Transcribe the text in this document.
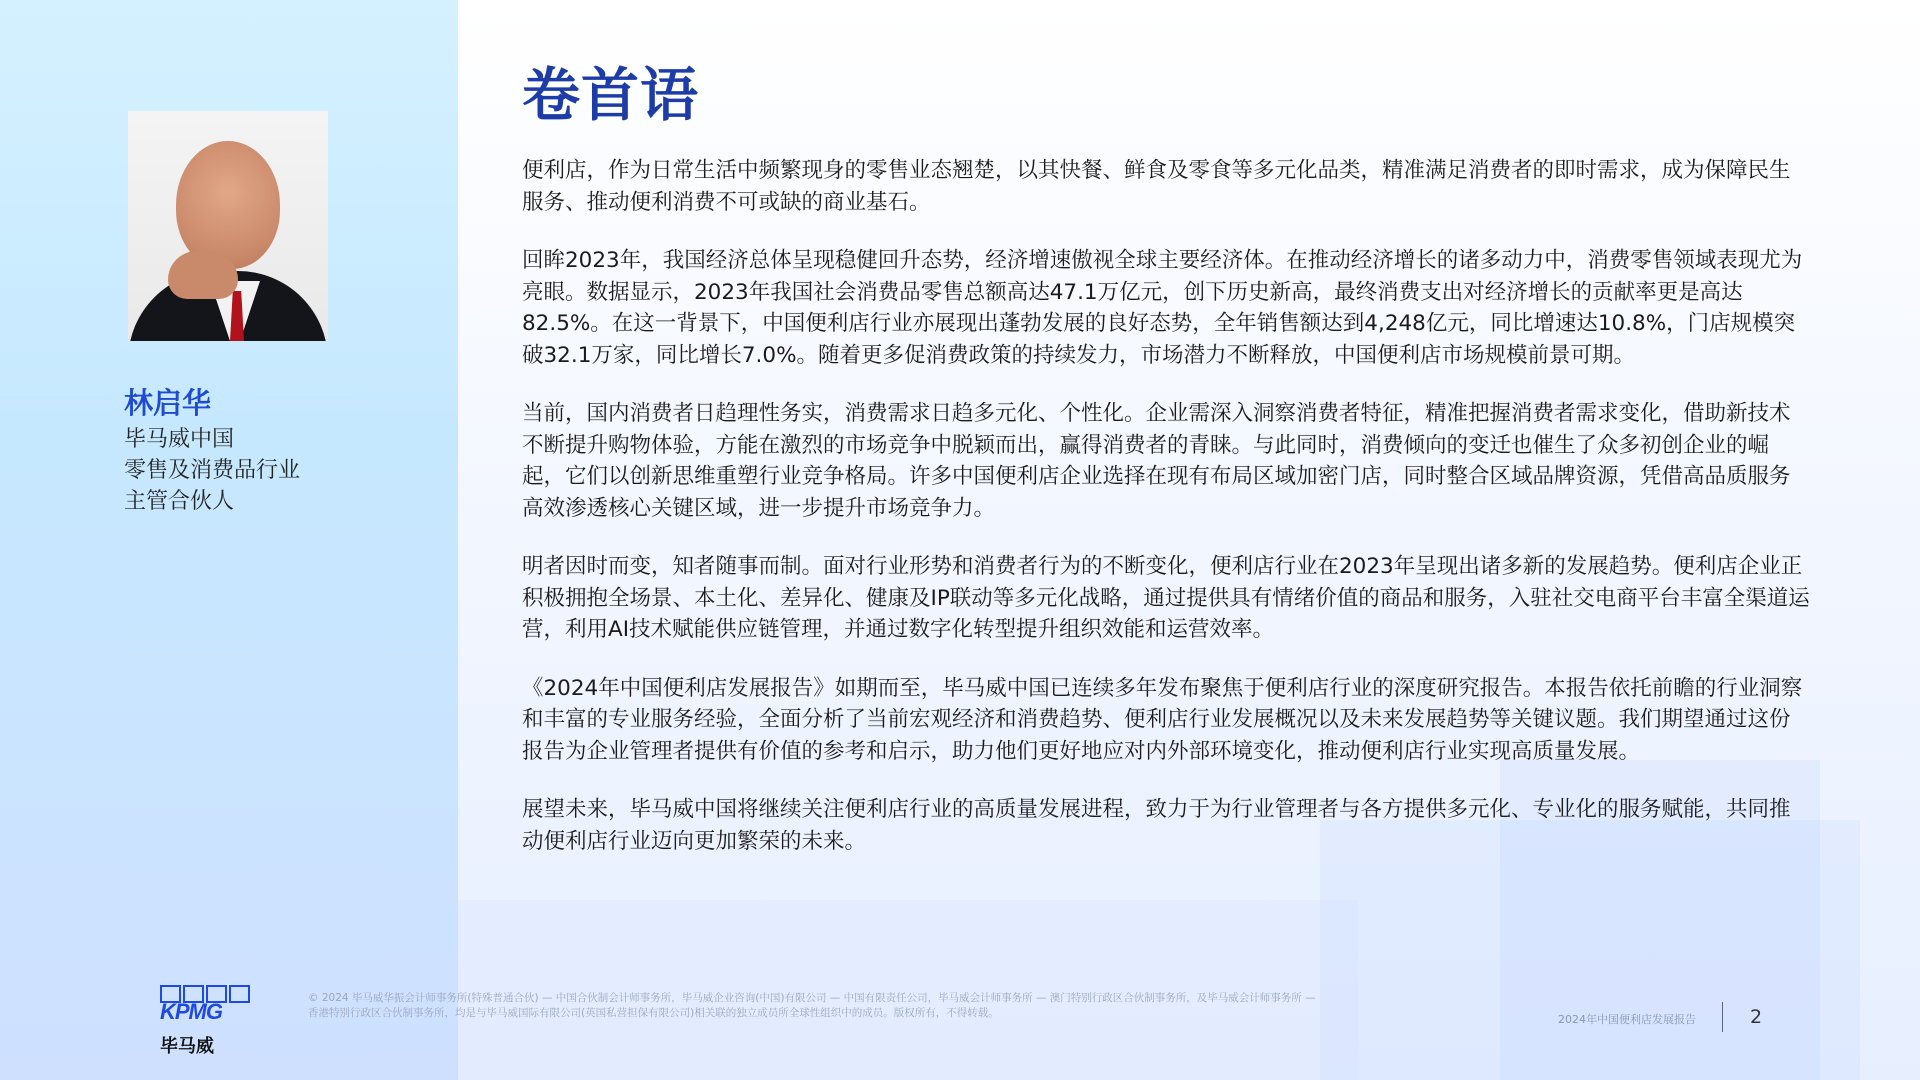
林启华
毕马威中国
零售及消费品行业
主管合伙人
卷首语

便利店，作为日常生活中频繁现身的零售业态翘楚，以其快餐、鲜食及零食等多元化品类，精准满足消费者的即时需求，成为保障民生服务、推动便利消费不可或缺的商业基石。

回眸2023年，我国经济总体呈现稳健回升态势，经济增速傲视全球主要经济体。在推动经济增长的诸多动力中，消费零售领域表现尤为亮眼。数据显示，2023年我国社会消费品零售总额高达47.1万亿元，创下历史新高，最终消费支出对经济增长的贡献率更是高达82.5%。在这一背景下，中国便利店行业亦展现出蓬勃发展的良好态势，全年销售额达到4,248亿元，同比增速达10.8%，门店规模突破32.1万家，同比增长7.0%。随着更多促消费政策的持续发力，市场潜力不断释放，中国便利店市场规模前景可期。

当前，国内消费者日趋理性务实，消费需求日趋多元化、个性化。企业需深入洞察消费者特征，精准把握消费者需求变化，借助新技术不断提升购物体验，方能在激烈的市场竞争中脱颖而出，赢得消费者的青睐。与此同时，消费倾向的变迁也催生了众多初创企业的崛起，它们以创新思维重塑行业竞争格局。许多中国便利店企业选择在现有布局区域加密门店，同时整合区域品牌资源，凭借高品质服务高效渗透核心关键区域，进一步提升市场竞争力。

明者因时而变，知者随事而制。面对行业形势和消费者行为的不断变化，便利店行业在2023年呈现出诸多新的发展趋势。便利店企业正积极拥抱全场景、本土化、差异化、健康及IP联动等多元化战略，通过提供具有情绪价值的商品和服务，入驻社交电商平台丰富全渠道运营，利用AI技术赋能供应链管理，并通过数字化转型提升组织效能和运营效率。

《2024年中国便利店发展报告》如期而至，毕马威中国已连续多年发布聚焦于便利店行业的深度研究报告。本报告依托前瞻的行业洞察和丰富的专业服务经验，全面分析了当前宏观经济和消费趋势、便利店行业发展概况以及未来发展趋势等关键议题。我们期望通过这份报告为企业管理者提供有价值的参考和启示，助力他们更好地应对内外部环境变化，推动便利店行业实现高质量发展。

展望未来，毕马威中国将继续关注便利店行业的高质量发展进程，致力于为行业管理者与各方提供多元化、专业化的服务赋能，共同推动便利店行业迈向更加繁荣的未来。

KPMG
毕马威
© 2024 毕马威华振会计师事务所(特殊普通合伙) — 中国合伙制会计师事务所，毕马威企业咨询(中国)有限公司 — 中国有限责任公司，毕马威会计师事务所 — 澳门特别行政区合伙制事务所，及毕马威会计师事务所 — 香港特别行政区合伙制事务所，均是与毕马威国际有限公司(英国私营担保有限公司)相关联的独立成员所全球性组织中的成员。版权所有，不得转载。	2024年中国便利店发展报告	2
